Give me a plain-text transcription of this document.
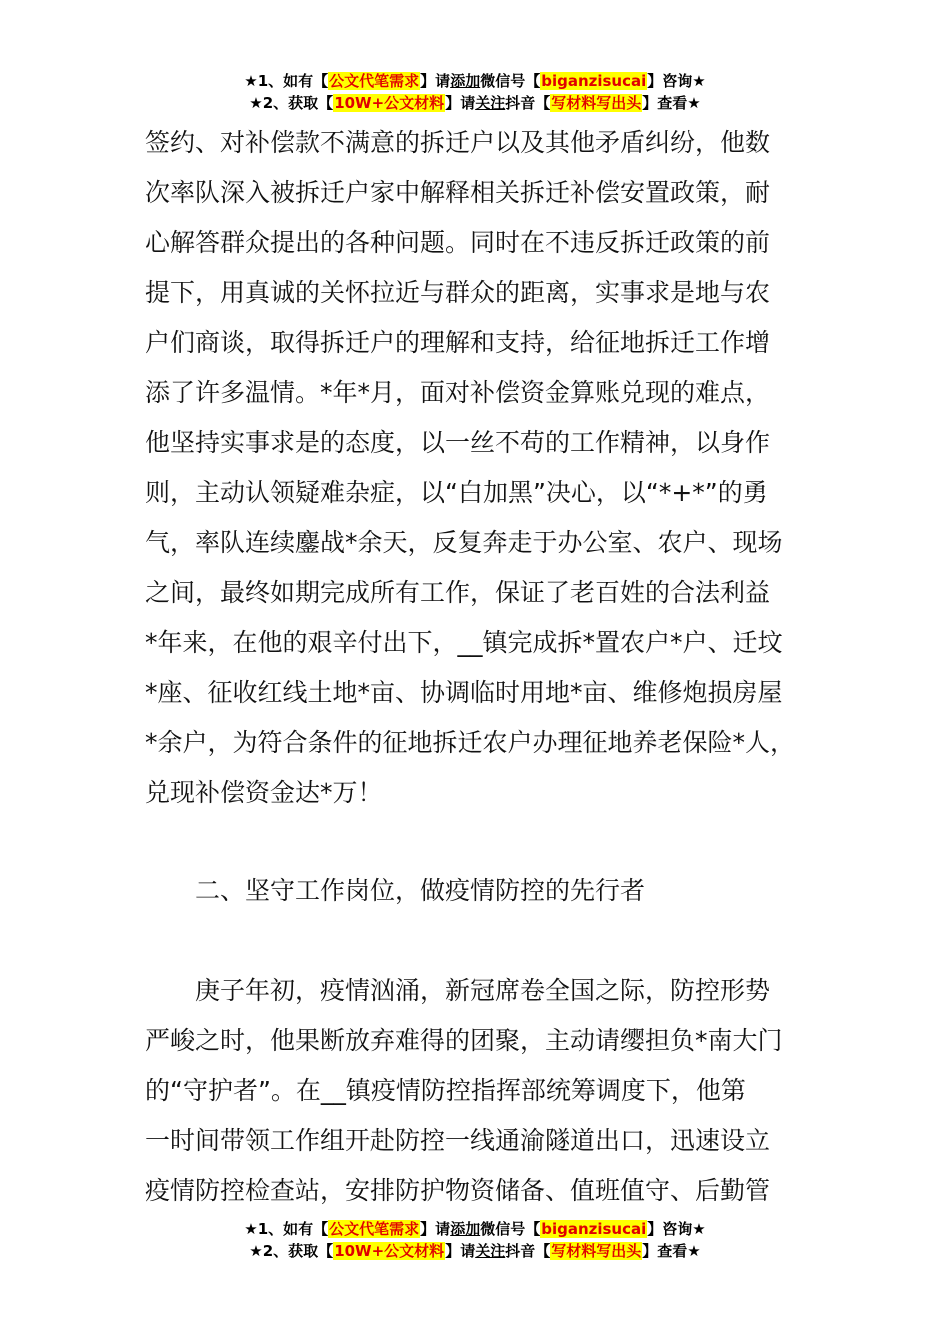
★1、如有【公文代笔需求】请添加微信号【biganzisucai】咨询★
★2、获取【10W+公文材料】请关注抖音【写材料写出头】查看★
签约、对补偿款不满意的拆迁户以及其他矛盾纠纷，他数
次率队深入被拆迁户家中解释相关拆迁补偿安置政策，耐
心解答群众提出的各种问题。同时在不违反拆迁政策的前
提下，用真诚的关怀拉近与群众的距离，实事求是地与农
户们商谈，取得拆迁户的理解和支持，给征地拆迁工作增
添了许多温情。*年*月，面对补偿资金算账兑现的难点，
他坚持实事求是的态度，以一丝不苟的工作精神，以身作
则，主动认领疑难杂症，以“白加黑”决心，以“*+*”的勇
气，率队连续鏖战*余天，反复奔走于办公室、农户、现场
之间，最终如期完成所有工作，保证了老百姓的合法利益
*年来，在他的艰辛付出下，__镇完成拆*置农户*户、迁坟
*座、征收红线土地*亩、协调临时用地*亩、维修炮损房屋
*余户，为符合条件的征地拆迁农户办理征地养老保险*人，
兑现补偿资金达*万！
二、坚守工作岗位，做疫情防控的先行者
　　庚子年初，疫情汹涌，新冠席卷全国之际，防控形势
严峻之时，他果断放弃难得的团聚，主动请缨担负*南大门
的“守护者”。在__镇疫情防控指挥部统筹调度下，他第
一时间带领工作组开赴防控一线通渝隧道出口，迅速设立
疫情防控检查站，安排防护物资储备、值班值守、后勤管
★1、如有【公文代笔需求】请添加微信号【biganzisucai】咨询★
★2、获取【10W+公文材料】请关注抖音【写材料写出头】查看★
